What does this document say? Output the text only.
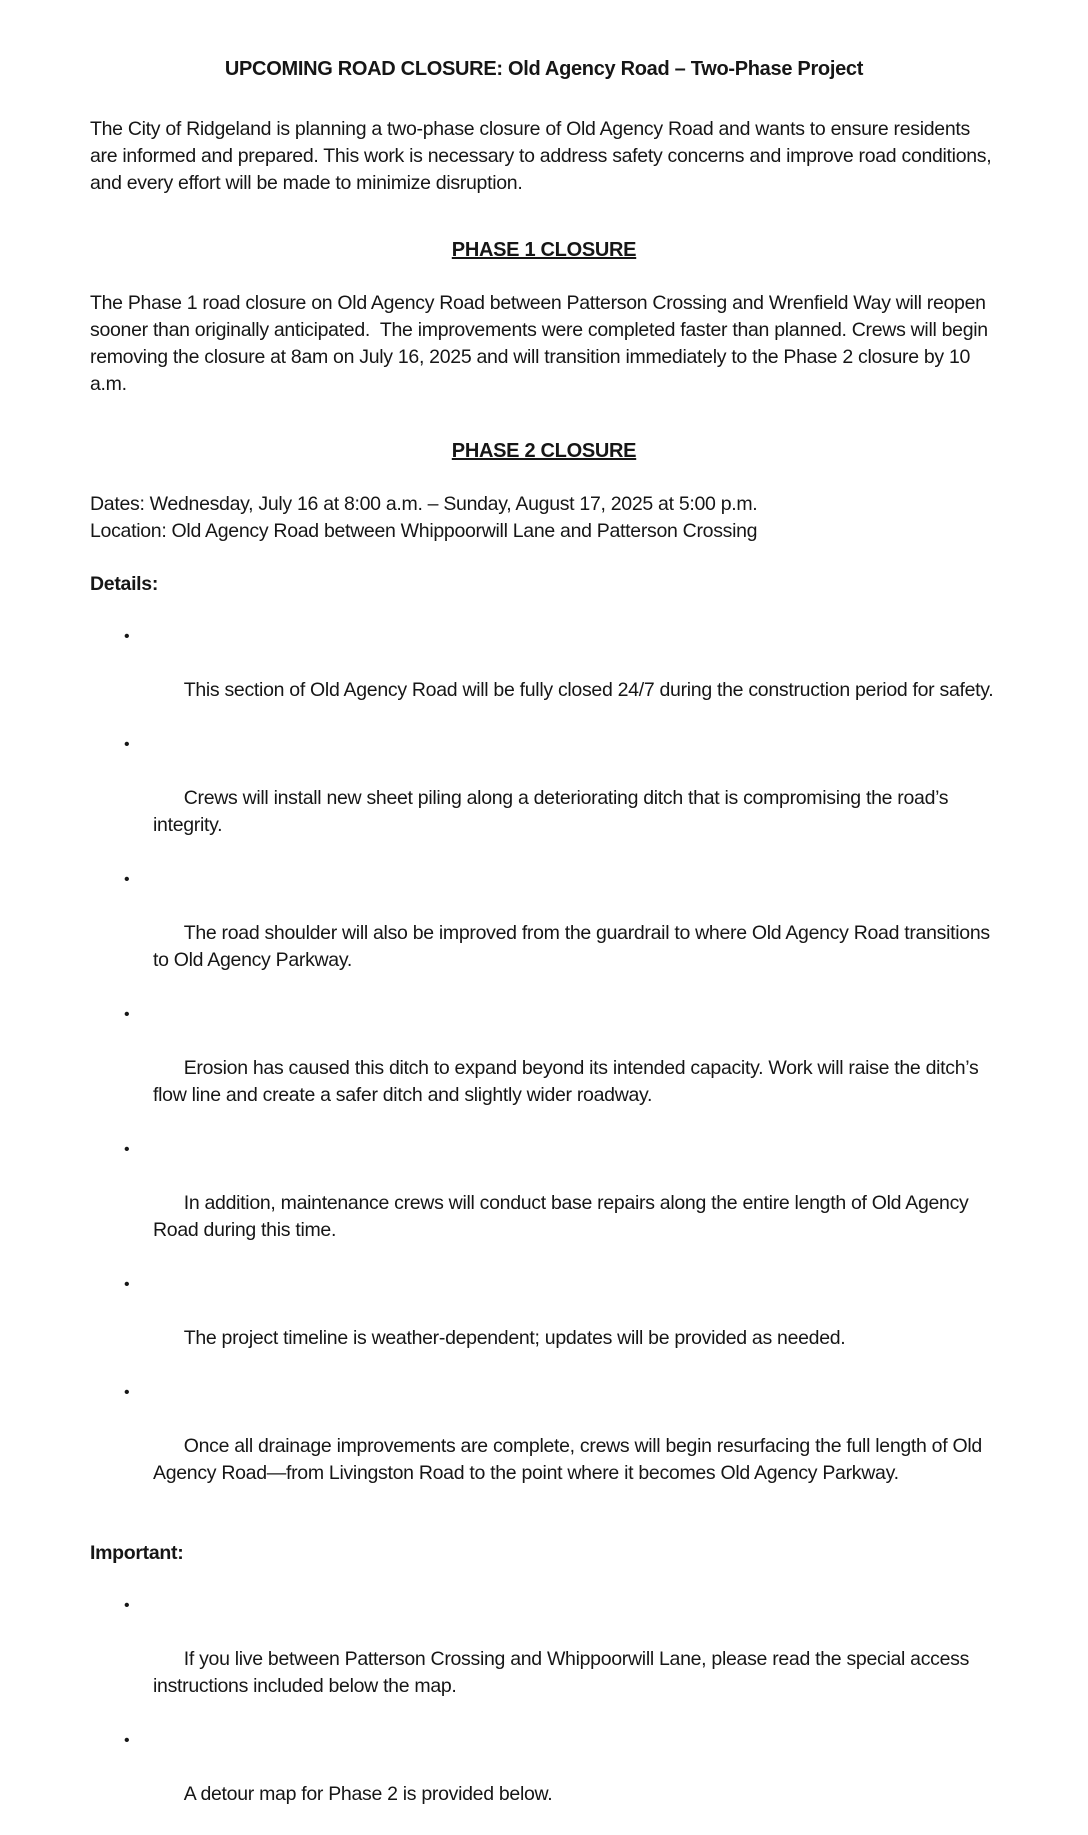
UPCOMING ROAD CLOSURE: Old Agency Road – Two-Phase Project

The City of Ridgeland is planning a two-phase closure of Old Agency Road and wants to ensure residents are informed and prepared. This work is necessary to address safety concerns and improve road conditions, and every effort will be made to minimize disruption.

PHASE 1 CLOSURE

The Phase 1 road closure on Old Agency Road between Patterson Crossing and Wrenfield Way will reopen sooner than originally anticipated.  The improvements were completed faster than planned. Crews will begin removing the closure at 8am on July 16, 2025 and will transition immediately to the Phase 2 closure by 10 a.m.

PHASE 2 CLOSURE

Dates: Wednesday, July 16 at 8:00 a.m. – Sunday, August 17, 2025 at 5:00 p.m.

Location: Old Agency Road between Whippoorwill Lane and Patterson Crossing

Details:

•

This section of Old Agency Road will be fully closed 24/7 during the construction period for safety.

•

Crews will install new sheet piling along a deteriorating ditch that is compromising the road’s integrity.

•

The road shoulder will also be improved from the guardrail to where Old Agency Road transitions to Old Agency Parkway.

•

Erosion has caused this ditch to expand beyond its intended capacity. Work will raise the ditch’s flow line and create a safer ditch and slightly wider roadway.

•

In addition, maintenance crews will conduct base repairs along the entire length of Old Agency Road during this time.

•

The project timeline is weather-dependent; updates will be provided as needed.

•

Once all drainage improvements are complete, crews will begin resurfacing the full length of Old Agency Road—from Livingston Road to the point where it becomes Old Agency Parkway.

Important:

•

If you live between Patterson Crossing and Whippoorwill Lane, please read the special access instructions included below the map.

•

A detour map for Phase 2 is provided below.
